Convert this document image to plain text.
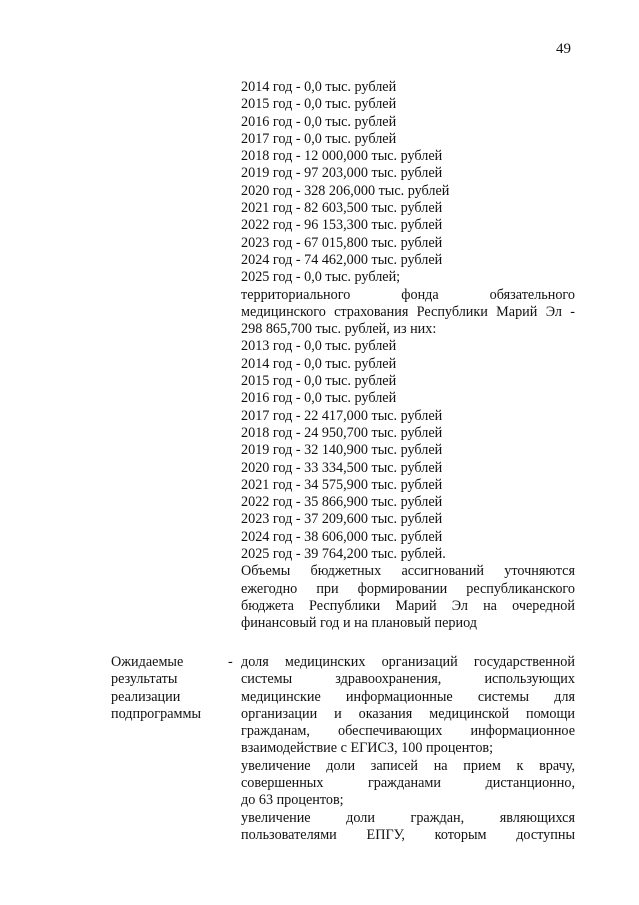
49
2014 год - 0,0 тыс. рублей
2015 год - 0,0 тыс. рублей
2016 год - 0,0 тыс. рублей
2017 год - 0,0 тыс. рублей
2018 год - 12 000,000 тыс. рублей
2019 год - 97 203,000 тыс. рублей
2020 год - 328 206,000 тыс. рублей
2021 год - 82 603,500 тыс. рублей
2022 год - 96 153,300 тыс. рублей
2023 год - 67 015,800 тыс. рублей
2024 год - 74 462,000 тыс. рублей
2025 год - 0,0 тыс. рублей;
территориального фонда обязательного
медицинского страхования Республики Марий Эл -
298 865,700 тыс. рублей, из них:
2013 год - 0,0 тыс. рублей
2014 год - 0,0 тыс. рублей
2015 год - 0,0 тыс. рублей
2016 год - 0,0 тыс. рублей
2017 год - 22 417,000 тыс. рублей
2018 год - 24 950,700 тыс. рублей
2019 год - 32 140,900 тыс. рублей
2020 год - 33 334,500 тыс. рублей
2021 год - 34 575,900 тыс. рублей
2022 год - 35 866,900 тыс. рублей
2023 год - 37 209,600 тыс. рублей
2024 год - 38 606,000 тыс. рублей
2025 год - 39 764,200 тыс. рублей.
Объемы бюджетных ассигнований уточняются
ежегодно при формировании республиканского
бюджета Республики Марий Эл на очередной
финансовый год и на плановый период
Ожидаемые
результаты
реализации
подпрограммы
- доля медицинских организаций государственной
системы здравоохранения, использующих
медицинские информационные системы для
организации и оказания медицинской помощи
гражданам, обеспечивающих информационное
взаимодействие с ЕГИСЗ, 100 процентов;
увеличение доли записей на прием к врачу,
совершенных гражданами дистанционно,
до 63 процентов;
увеличение доли граждан, являющихся
пользователями ЕПГУ, которым доступны
